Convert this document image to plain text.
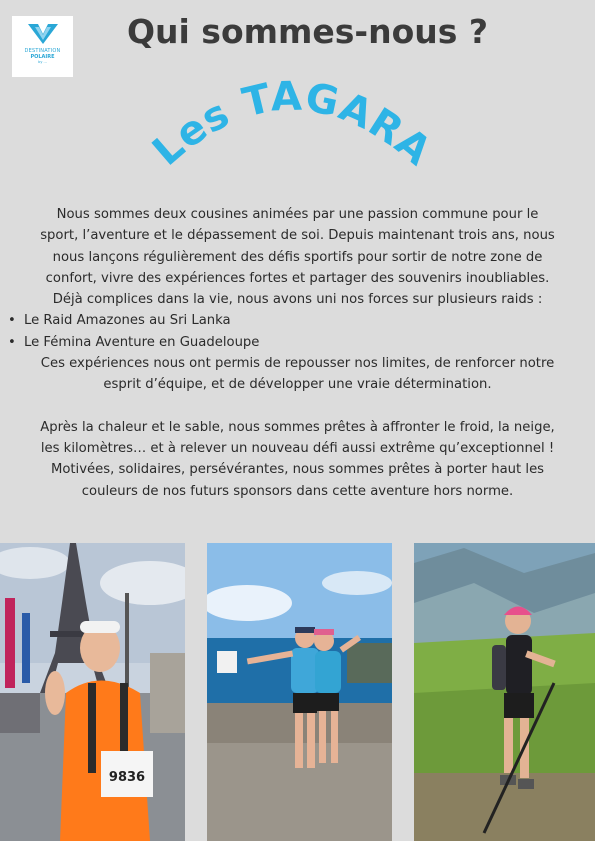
DESTINATION
POLAIRE
by ...
Qui sommes-nous ?
Les TAGARA
Nous sommes deux cousines animées par une passion commune pour le
sport, l’aventure et le dépassement de soi. Depuis maintenant trois ans, nous
nous lançons régulièrement des défis sportifs pour sortir de notre zone de
confort, vivre des expériences fortes et partager des souvenirs inoubliables.
Déjà complices dans la vie, nous avons uni nos forces sur plusieurs raids :
• Le Raid Amazones au Sri Lanka
• Le Fémina Aventure en Guadeloupe
Ces expériences nous ont permis de repousser nos limites, de renforcer notre
esprit d’équipe, et de développer une vraie détermination.
Après la chaleur et le sable, nous sommes prêtes à affronter le froid, la neige,
les kilomètres… et à relever un nouveau défi aussi extrême qu’exceptionnel !
Motivées, solidaires, persévérantes, nous sommes prêtes à porter haut les
couleurs de nos futurs sponsors dans cette aventure hors norme.
9836
